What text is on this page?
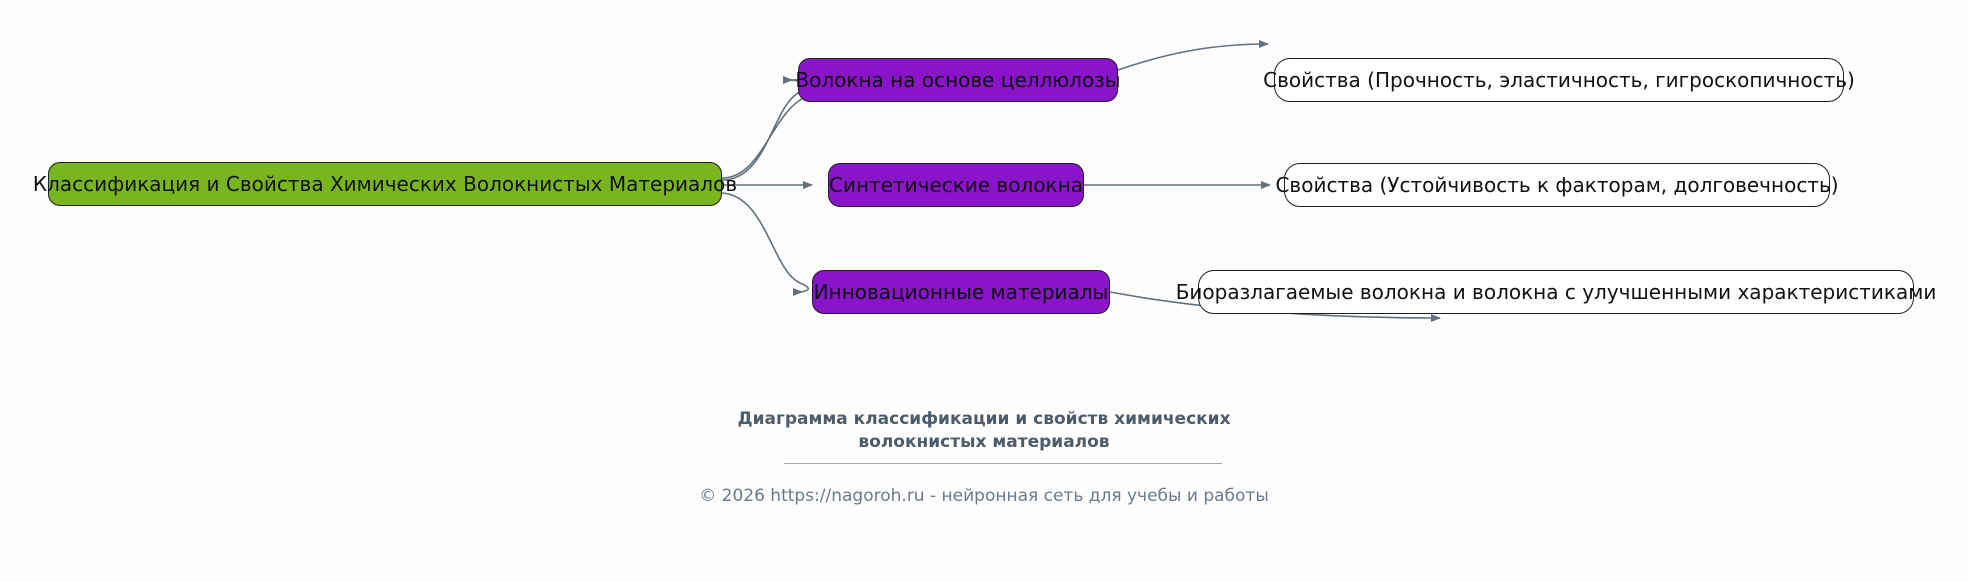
Классификация и Свойства Химических Волокнистых Материалов
Волокна на основе целлюлозы
Синтетические волокна
Инновационные материалы
Свойства (Прочность, эластичность, гигроскопичность)
Свойства (Устойчивость к факторам, долговечность)
Биоразлагаемые волокна и волокна с улучшенными характеристиками
Диаграмма классификации и свойств химических
волокнистых материалов
© 2026 https://nagoroh.ru - нейронная сеть для учебы и работы
